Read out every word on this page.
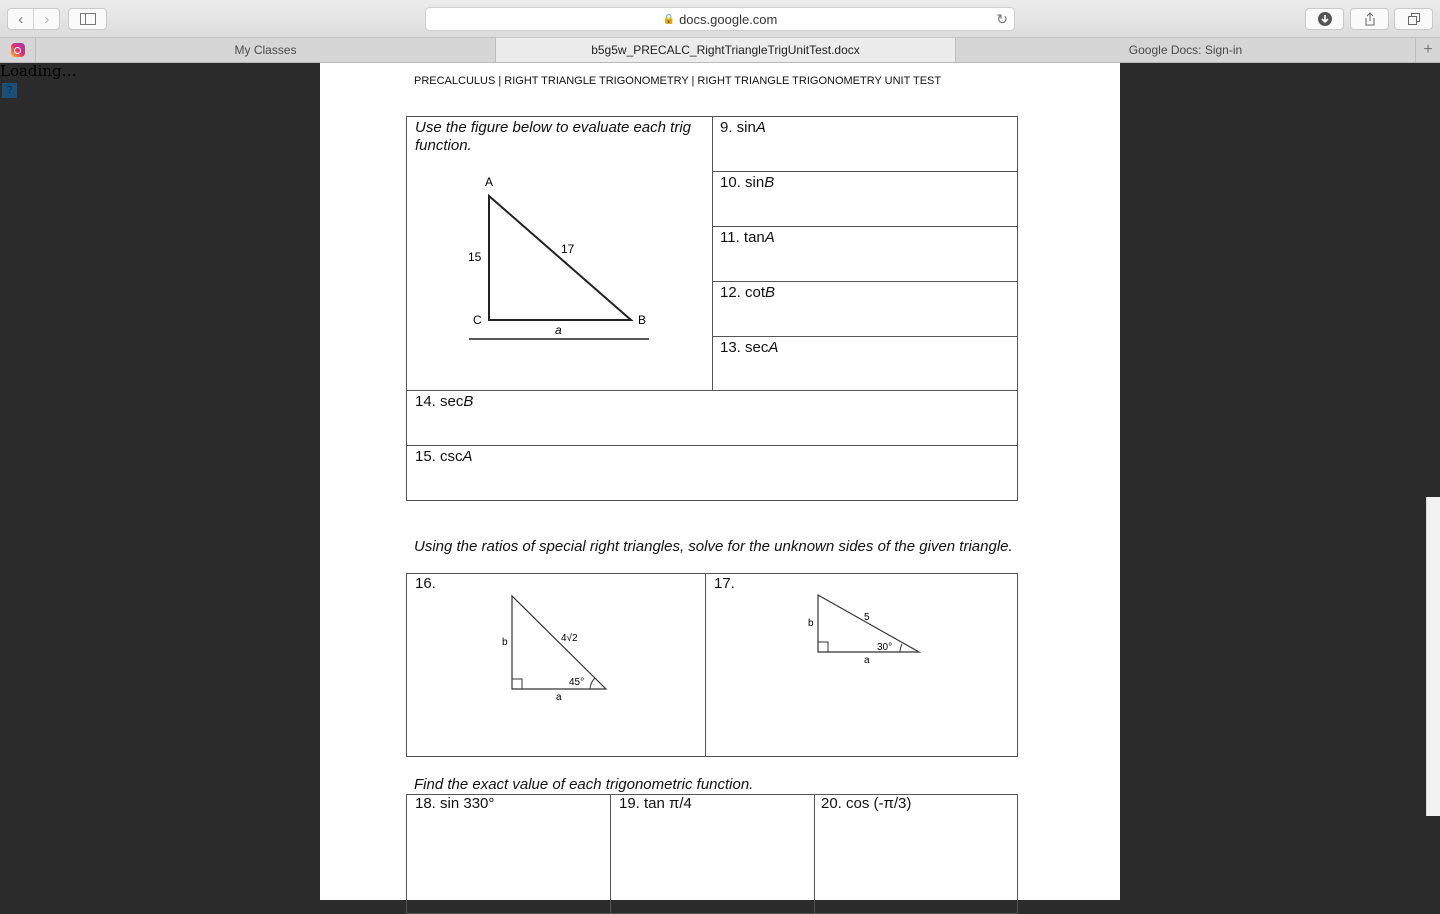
‹ ›	🔒 docs.google.com	↻
My Classes	b5g5w_PRECALC_RightTriangleTrigUnitTest.docx	Google Docs: Sign-in	+
Loading…
?
PRECALCULUS | RIGHT TRIANGLE TRIGONOMETRY | RIGHT TRIANGLE TRIGONOMETRY UNIT TEST
Use the figure below to evaluate each trig function.
A
C	B
15
17
a
9. sinA
10. sinB
11. tanA
12. cotB
13. secA
14. secB
15. cscA
Using the ratios of special right triangles, solve for the unknown sides of the given triangle.
16.
b	4√2
45°
a
17.
b
5
30°
a
Find the exact value of each trigonometric function.
18. sin 330°	19. tan π/4	20. cos (-π/3)
